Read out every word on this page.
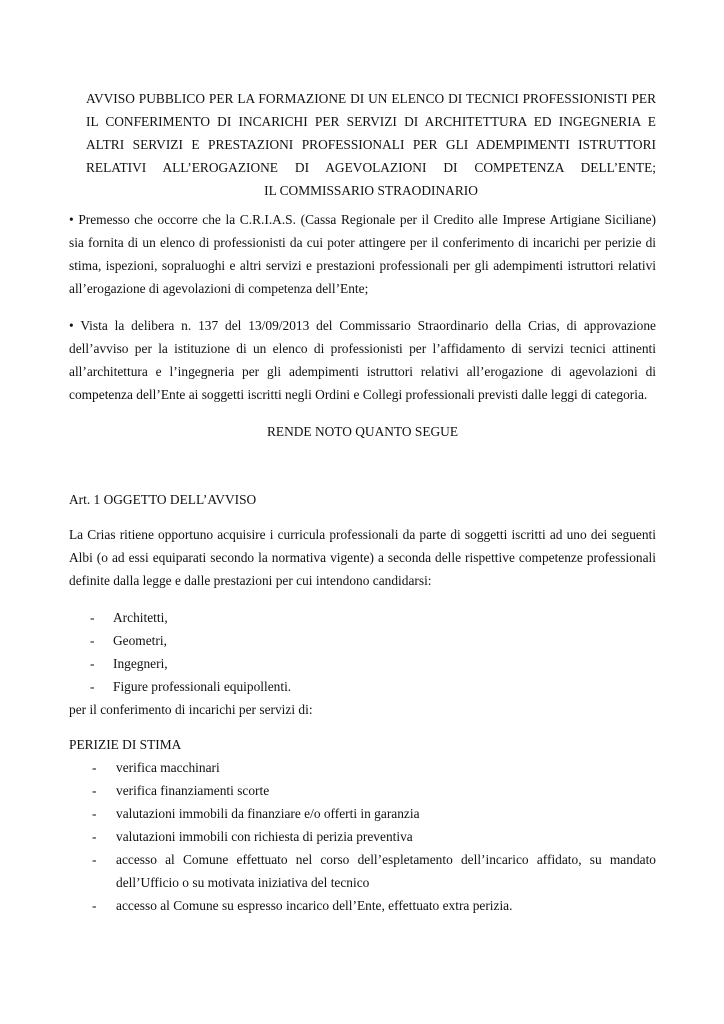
AVVISO PUBBLICO PER LA FORMAZIONE DI UN ELENCO DI TECNICI PROFESSIONISTI PER
IL CONFERIMENTO DI INCARICHI PER SERVIZI DI ARCHITETTURA ED INGEGNERIA E
ALTRI SERVIZI E PRESTAZIONI PROFESSIONALI PER GLI ADEMPIMENTI ISTRUTTORI
RELATIVI ALL’EROGAZIONE DI AGEVOLAZIONI DI COMPETENZA DELL’ENTE;
IL COMMISSARIO STRAODINARIO
• Premesso che occorre che la C.R.I.A.S. (Cassa Regionale per il Credito alle Imprese Artigiane Siciliane)
sia fornita di un elenco di professionisti da cui poter attingere per il conferimento di incarichi per perizie di
stima, ispezioni, sopraluoghi e altri servizi e prestazioni professionali per gli adempimenti istruttori relativi
all’erogazione di agevolazioni di competenza dell’Ente;
• Vista la delibera n. 137 del 13/09/2013 del Commissario Straordinario della Crias, di approvazione
dell’avviso per la istituzione di un elenco di professionisti per l’affidamento di servizi tecnici attinenti
all’architettura e l’ingegneria per gli adempimenti istruttori relativi all’erogazione di agevolazioni di
competenza dell’Ente ai soggetti iscritti negli Ordini e Collegi professionali previsti dalle leggi di categoria.
RENDE NOTO QUANTO SEGUE
Art. 1 OGGETTO DELL’AVVISO
La Crias ritiene opportuno acquisire i curricula professionali da parte di soggetti iscritti ad uno dei seguenti
Albi (o ad essi equiparati secondo la normativa vigente) a seconda delle rispettive competenze professionali
definite dalla legge e dalle prestazioni per cui intendono candidarsi:
- Architetti,
- Geometri,
- Ingegneri,
- Figure professionali equipollenti.
per il conferimento di incarichi per servizi di:
PERIZIE DI STIMA
- verifica macchinari
- verifica finanziamenti scorte
- valutazioni immobili da finanziare e/o offerti in garanzia
- valutazioni immobili con richiesta di perizia preventiva
- accesso al Comune effettuato nel corso dell’espletamento dell’incarico affidato, su mandato
dell’Ufficio o su motivata iniziativa del tecnico
- accesso al Comune su espresso incarico dell’Ente, effettuato extra perizia.
